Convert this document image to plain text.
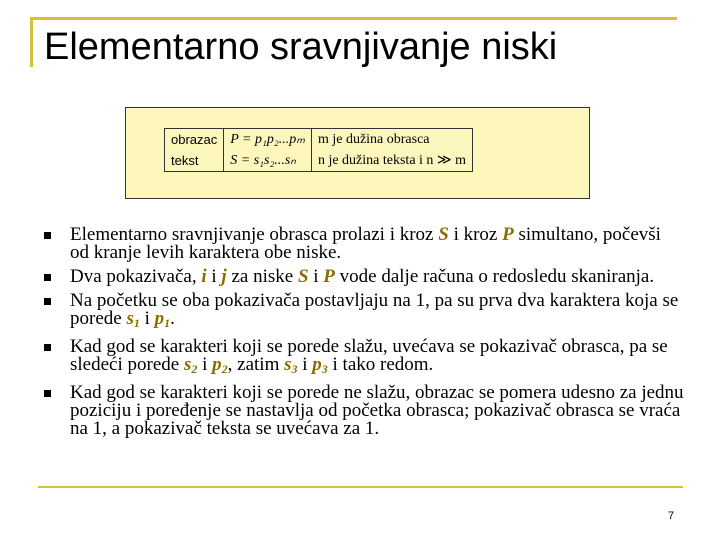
Elementarno sravnjivanje niski
obrazac	P = p₁p₂...pₘ	m je dužina obrasca
tekst	S = s₁s₂...sₙ	n je dužina teksta i n ≫ m
Elementarno sravnjivanje obrasca prolazi i kroz S i kroz P simultano, počevši od kranje levih karaktera obe niske.
Dva pokazivača, i i j za niske S i P vode dalje računa o redosledu skaniranja.
Na početku se oba pokazivača postavljaju na 1, pa su prva dva karaktera koja se porede $s_1$ i $p_1$.
Kad god se karakteri koji se porede slažu, uvećava se pokazivač obrasca, pa se sledeći porede $s_2$ i $p_2$, zatim $s_3$ i $p_3$ i tako redom.
Kad god se karakteri koji se porede ne slažu, obrazac se pomera udesno za jednu poziciju i poređenje se nastavlja od početka obrasca; pokazivač obrasca se vraća na 1, a pokazivač teksta se uvećava za 1.
7
